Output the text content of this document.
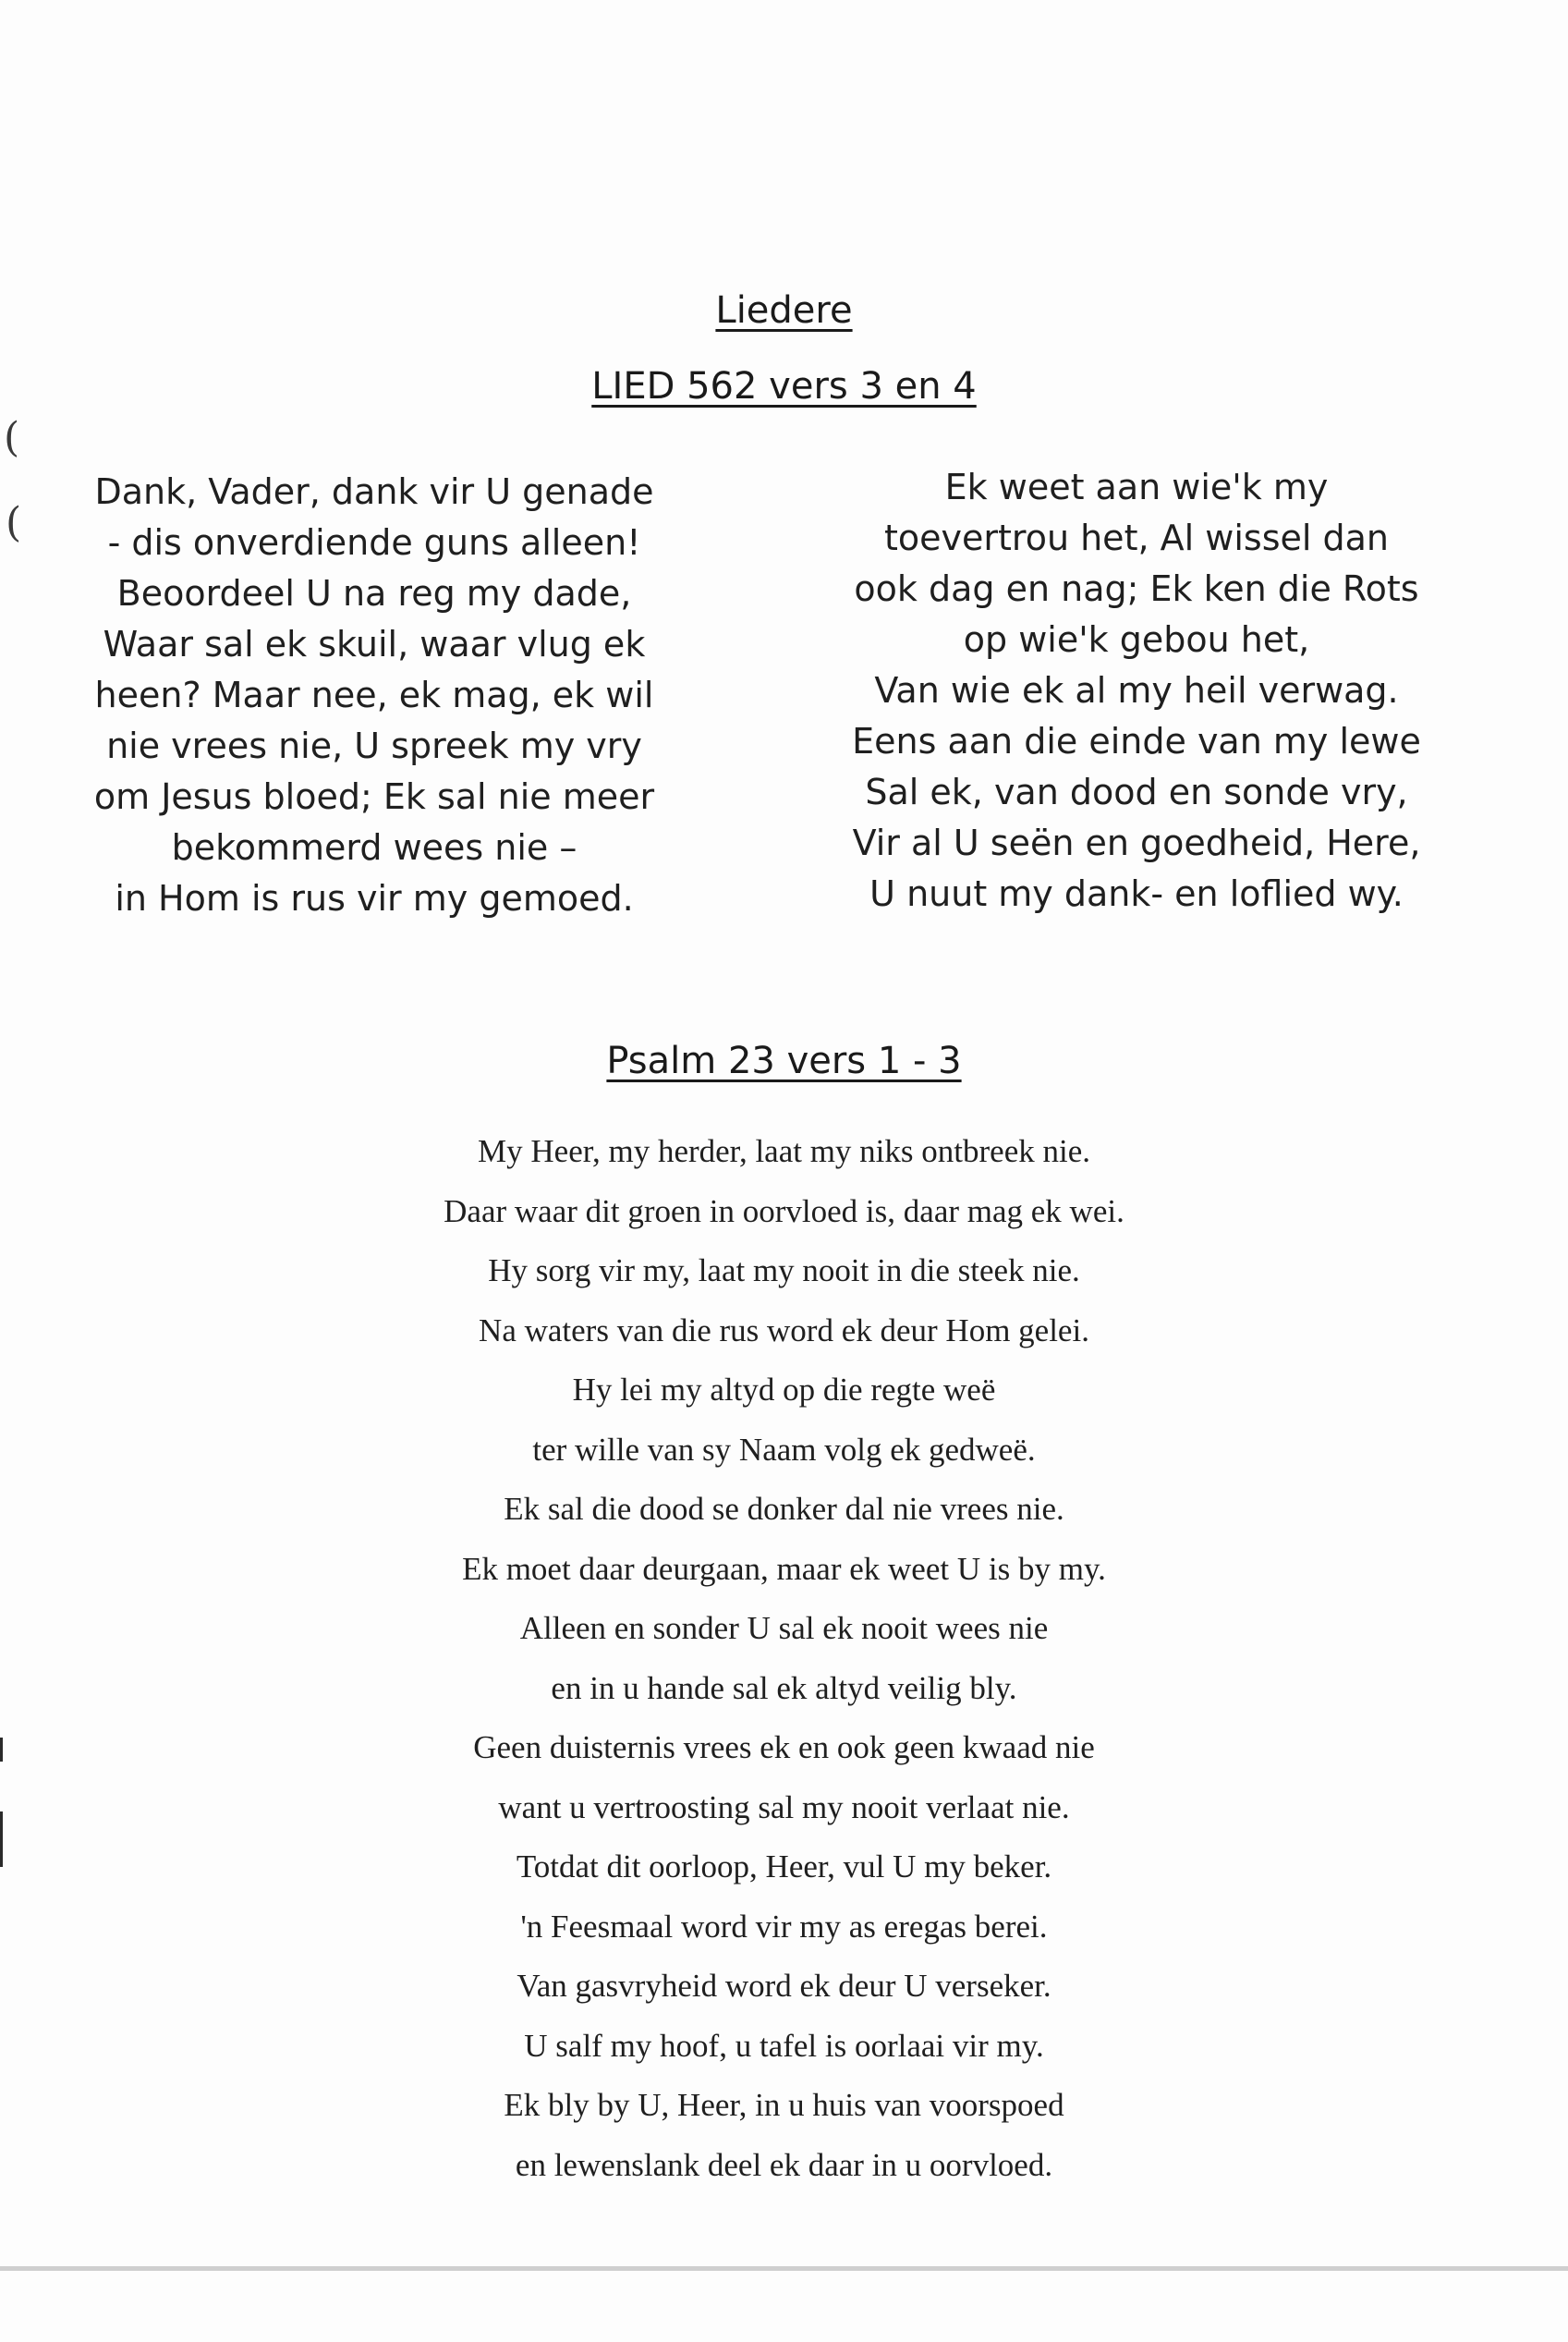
(
(
Liedere
LIED 562 vers 3 en 4
Dank, Vader, dank vir U genade
- dis onverdiende guns alleen!
Beoordeel U na reg my dade,
Waar sal ek skuil, waar vlug ek
heen? Maar nee, ek mag, ek wil
nie vrees nie, U spreek my vry
om Jesus bloed; Ek sal nie meer
bekommerd wees nie –
in Hom is rus vir my gemoed.
Ek weet aan wie'k my
toevertrou het, Al wissel dan
ook dag en nag; Ek ken die Rots
op wie'k gebou het,
Van wie ek al my heil verwag.
Eens aan die einde van my lewe
Sal ek, van dood en sonde vry,
Vir al U seën en goedheid, Here,
U nuut my dank- en loflied wy.
Psalm 23 vers 1 - 3
My Heer, my herder, laat my niks ontbreek nie.
Daar waar dit groen in oorvloed is, daar mag ek wei.
Hy sorg vir my, laat my nooit in die steek nie.
Na waters van die rus word ek deur Hom gelei.
Hy lei my altyd op die regte weë
ter wille van sy Naam volg ek gedweë.
Ek sal die dood se donker dal nie vrees nie.
Ek moet daar deurgaan, maar ek weet U is by my.
Alleen en sonder U sal ek nooit wees nie
en in u hande sal ek altyd veilig bly.
Geen duisternis vrees ek en ook geen kwaad nie
want u vertroosting sal my nooit verlaat nie.
Totdat dit oorloop, Heer, vul U my beker.
'n Feesmaal word vir my as eregas berei.
Van gasvryheid word ek deur U verseker.
U salf my hoof, u tafel is oorlaai vir my.
Ek bly by U, Heer, in u huis van voorspoed
en lewenslank deel ek daar in u oorvloed.
